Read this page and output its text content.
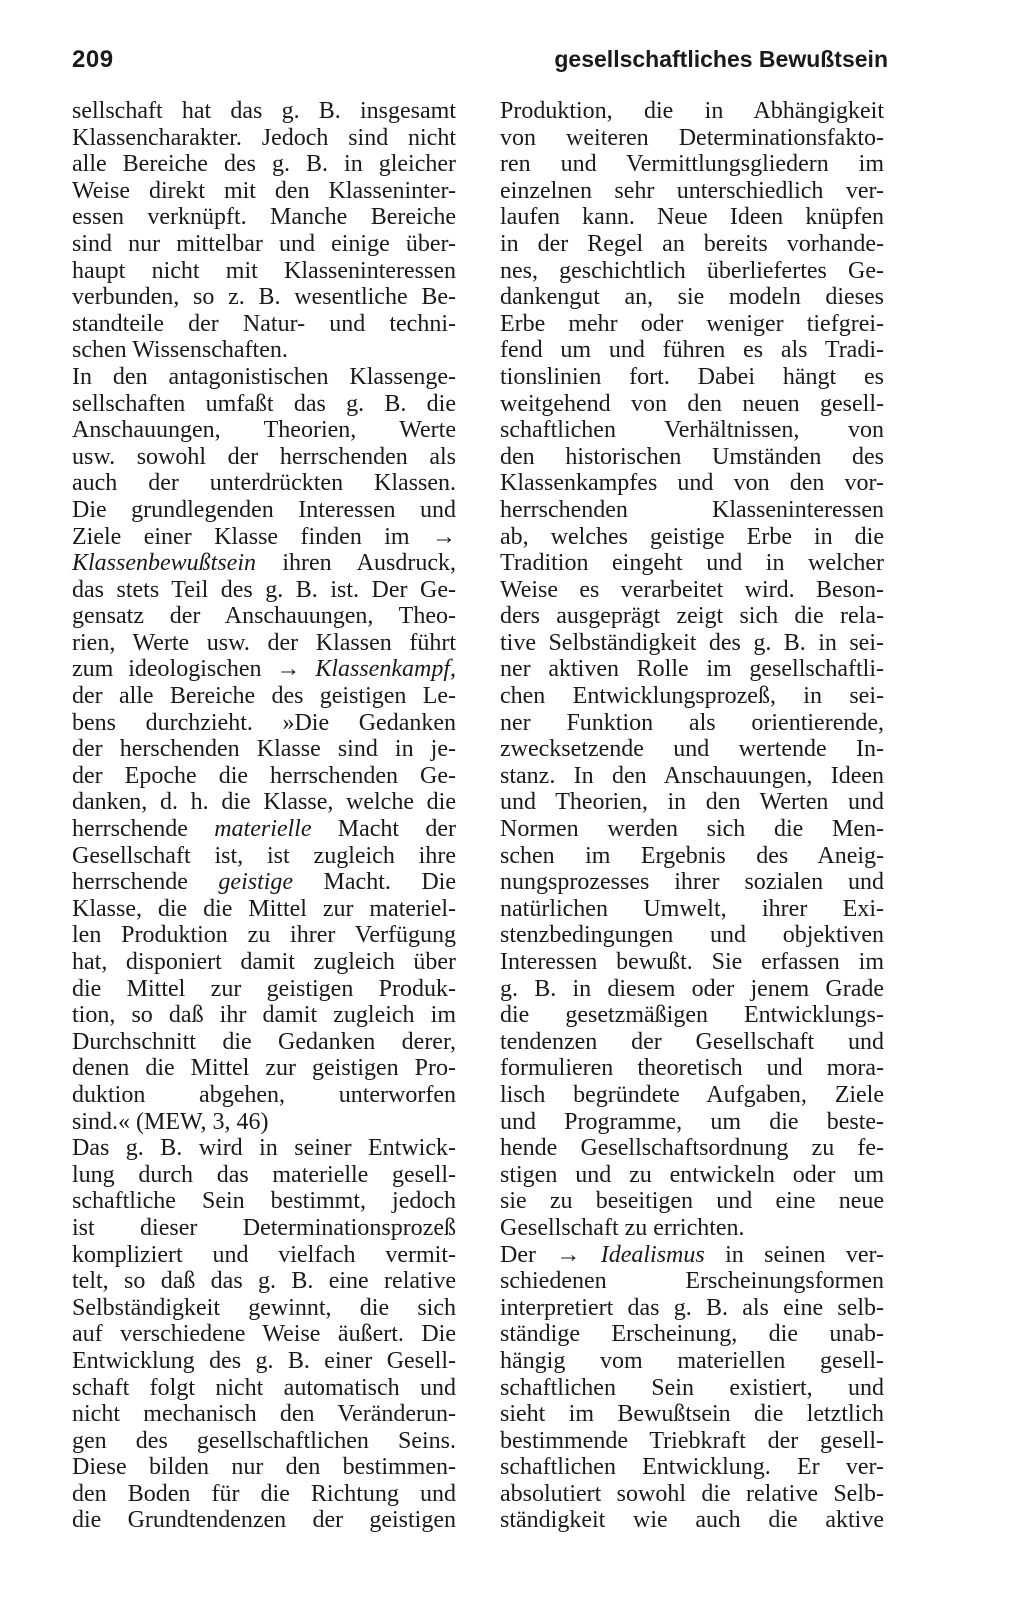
209	gesellschaftliches Bewußtsein
sellschaft hat das g. B. insgesamt
Klassencharakter. Jedoch sind nicht
alle Bereiche des g. B. in gleicher
Weise direkt mit den Klasseninter-
essen verknüpft. Manche Bereiche
sind nur mittelbar und einige über-
haupt nicht mit Klasseninteressen
verbunden, so z. B. wesentliche Be-
standteile der Natur- und techni-
schen Wissenschaften.
In den antagonistischen Klassenge-
sellschaften umfaßt das g. B. die
Anschauungen, Theorien, Werte
usw. sowohl der herrschenden als
auch der unterdrückten Klassen.
Die grundlegenden Interessen und
Ziele einer Klasse finden im →
Klassenbewußtsein ihren Ausdruck,
das stets Teil des g. B. ist. Der Ge-
gensatz der Anschauungen, Theo-
rien, Werte usw. der Klassen führt
zum ideologischen → Klassenkampf,
der alle Bereiche des geistigen Le-
bens durchzieht. »Die Gedanken
der herschenden Klasse sind in je-
der Epoche die herrschenden Ge-
danken, d. h. die Klasse, welche die
herrschende materielle Macht der
Gesellschaft ist, ist zugleich ihre
herrschende geistige Macht. Die
Klasse, die die Mittel zur materiel-
len Produktion zu ihrer Verfügung
hat, disponiert damit zugleich über
die Mittel zur geistigen Produk-
tion, so daß ihr damit zugleich im
Durchschnitt die Gedanken derer,
denen die Mittel zur geistigen Pro-
duktion abgehen, unterworfen
sind.« (MEW, 3, 46)
Das g. B. wird in seiner Entwick-
lung durch das materielle gesell-
schaftliche Sein bestimmt, jedoch
ist dieser Determinationsprozeß
kompliziert und vielfach vermit-
telt, so daß das g. B. eine relative
Selbständigkeit gewinnt, die sich
auf verschiedene Weise äußert. Die
Entwicklung des g. B. einer Gesell-
schaft folgt nicht automatisch und
nicht mechanisch den Veränderun-
gen des gesellschaftlichen Seins.
Diese bilden nur den bestimmen-
den Boden für die Richtung und
die Grundtendenzen der geistigen
Produktion, die in Abhängigkeit
von weiteren Determinationsfakto-
ren und Vermittlungsgliedern im
einzelnen sehr unterschiedlich ver-
laufen kann. Neue Ideen knüpfen
in der Regel an bereits vorhande-
nes, geschichtlich überliefertes Ge-
dankengut an, sie modeln dieses
Erbe mehr oder weniger tiefgrei-
fend um und führen es als Tradi-
tionslinien fort. Dabei hängt es
weitgehend von den neuen gesell-
schaftlichen Verhältnissen, von
den historischen Umständen des
Klassenkampfes und von den vor-
herrschenden Klasseninteressen
ab, welches geistige Erbe in die
Tradition eingeht und in welcher
Weise es verarbeitet wird. Beson-
ders ausgeprägt zeigt sich die rela-
tive Selbständigkeit des g. B. in sei-
ner aktiven Rolle im gesellschaftli-
chen Entwicklungsprozeß, in sei-
ner Funktion als orientierende,
zwecksetzende und wertende In-
stanz. In den Anschauungen, Ideen
und Theorien, in den Werten und
Normen werden sich die Men-
schen im Ergebnis des Aneig-
nungsprozesses ihrer sozialen und
natürlichen Umwelt, ihrer Exi-
stenzbedingungen und objektiven
Interessen bewußt. Sie erfassen im
g. B. in diesem oder jenem Grade
die gesetzmäßigen Entwicklungs-
tendenzen der Gesellschaft und
formulieren theoretisch und mora-
lisch begründete Aufgaben, Ziele
und Programme, um die beste-
hende Gesellschaftsordnung zu fe-
stigen und zu entwickeln oder um
sie zu beseitigen und eine neue
Gesellschaft zu errichten.
Der → Idealismus in seinen ver-
schiedenen Erscheinungsformen
interpretiert das g. B. als eine selb-
ständige Erscheinung, die unab-
hängig vom materiellen gesell-
schaftlichen Sein existiert, und
sieht im Bewußtsein die letztlich
bestimmende Triebkraft der gesell-
schaftlichen Entwicklung. Er ver-
absolutiert sowohl die relative Selb-
ständigkeit wie auch die aktive
